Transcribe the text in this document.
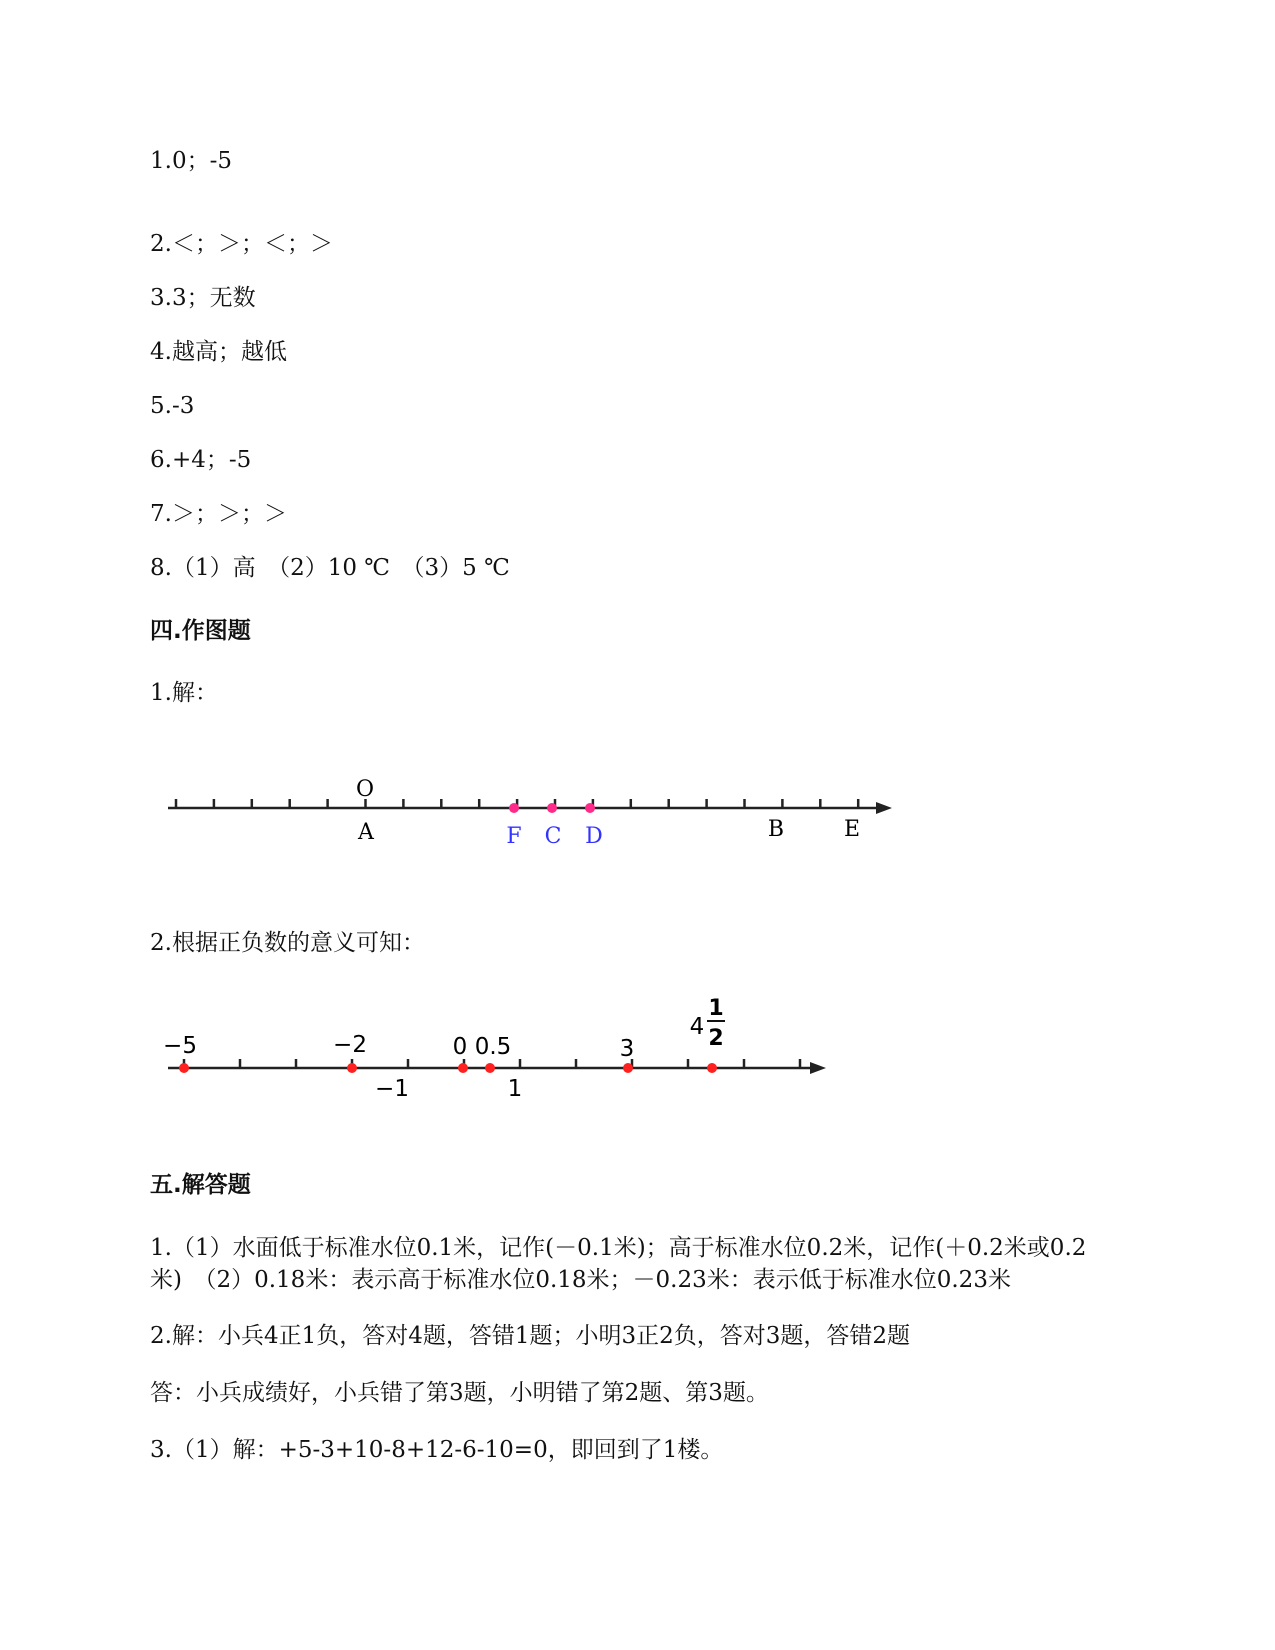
1.0；-5
2.＜；＞；＜；＞
3.3；无数
4.越高；越低
5.-3
6.+4；-5
7.＞；＞；＞
8.（1）高　（2）10 ℃　（3）5 ℃
四.作图题
1.解：
O
A	F C D	B	E
2.根据正负数的意义可知：
−5	−2	0 0.5	3
4
1
2
−1	1
五.解答题
1.（1）水面低于标准水位0.1米，记作(－0.1米)；高于标准水位0.2米，记作(＋0.2米或0.2米)　（2）0.18米：表示高于标准水位0.18米；－0.23米：表示低于标准水位0.23米
2.解：小兵4正1负，答对4题，答错1题；小明3正2负，答对3题，答错2题
答：小兵成绩好，小兵错了第3题，小明错了第2题、第3题。
3.（1）解：+5-3+10-8+12-6-10=0，即回到了1楼。
